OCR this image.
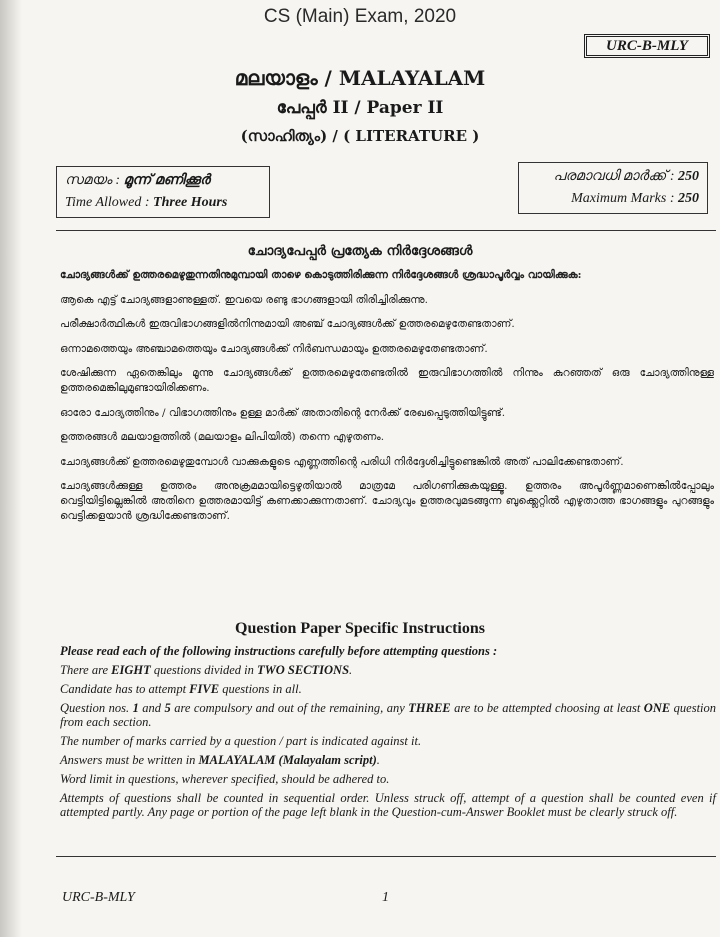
CS (Main) Exam, 2020
URC-B-MLY
മലയാളം / MALAYALAM
പേപ്പർ II / Paper II
(സാഹിത്യം) / ( LITERATURE )
സമയം : മൂന്ന് മണിക്കൂർ
Time Allowed : Three Hours
പരമാവധി മാർക്ക് : 250
Maximum Marks : 250
ചോദ്യപേപ്പർ പ്രത്യേക നിർദ്ദേശങ്ങൾ

ചോദ്യങ്ങൾക്ക് ഉത്തരമെഴുതുന്നതിനുമുമ്പായി താഴെ കൊടുത്തിരിക്കുന്ന നിർദ്ദേശങ്ങൾ ശ്രദ്ധാപൂർവ്വം വായിക്കുക:

ആകെ എട്ട് ചോദ്യങ്ങളാണുള്ളത്. ഇവയെ രണ്ടു ഭാഗങ്ങളായി തിരിച്ചിരിക്കുന്നു.

പരീക്ഷാർത്ഥികൾ ഇരുവിഭാഗങ്ങളിൽനിന്നുമായി അഞ്ച് ചോദ്യങ്ങൾക്ക് ഉത്തരമെഴുതേണ്ടതാണ്.

ഒന്നാമത്തെയും അഞ്ചാമത്തെയും ചോദ്യങ്ങൾക്ക് നിർബന്ധമായും ഉത്തരമെഴുതേണ്ടതാണ്.

ശേഷിക്കുന്ന ഏതെങ്കിലും മൂന്നു ചോദ്യങ്ങൾക്ക് ഉത്തരമെഴുതേണ്ടതിൽ ഇരുവിഭാഗത്തിൽ നിന്നും കുറഞ്ഞത് ഒരു ചോദ്യത്തിനുള്ള ഉത്തരമെങ്കിലുമുണ്ടായിരിക്കണം.

ഓരോ ചോദ്യത്തിനും / വിഭാഗത്തിനും ഉള്ള മാർക്ക് അതാതിന്റെ നേർക്ക് രേഖപ്പെടുത്തിയിട്ടുണ്ട്.

ഉത്തരങ്ങൾ മലയാളത്തിൽ (മലയാളം ലിപിയിൽ) തന്നെ എഴുതണം.

ചോദ്യങ്ങൾക്ക് ഉത്തരമെഴുതുമ്പോൾ വാക്കുകളുടെ എണ്ണത്തിന്റെ പരിധി നിർദ്ദേശിച്ചിട്ടുണ്ടെങ്കിൽ അത് പാലിക്കേണ്ടതാണ്.

ചോദ്യങ്ങൾക്കുള്ള ഉത്തരം അനുക്രമമായിട്ടെഴുതിയാൽ മാത്രമേ പരിഗണിക്കുകയുള്ളൂ. ഉത്തരം അപൂർണ്ണമാണെങ്കിൽപ്പോലും വെട്ടിയിട്ടില്ലെങ്കിൽ അതിനെ ഉത്തരമായിട്ട് കണക്കാക്കുന്നതാണ്. ചോദ്യവും ഉത്തരവുമടങ്ങുന്ന ബുക്ക്ലെറ്റിൽ എഴുതാത്ത ഭാഗങ്ങളും പുറങ്ങളും വെട്ടിക്കളയാൻ ശ്രദ്ധിക്കേണ്ടതാണ്.

Question Paper Specific Instructions

Please read each of the following instructions carefully before attempting questions :

There are EIGHT questions divided in TWO SECTIONS.

Candidate has to attempt FIVE questions in all.

Question nos. 1 and 5 are compulsory and out of the remaining, any THREE are to be attempted choosing at least ONE question from each section.

The number of marks carried by a question / part is indicated against it.

Answers must be written in MALAYALAM (Malayalam script).

Word limit in questions, wherever specified, should be adhered to.

Attempts of questions shall be counted in sequential order. Unless struck off, attempt of a question shall be counted even if attempted partly. Any page or portion of the page left blank in the Question-cum-Answer Booklet must be clearly struck off.

URC-B-MLY	1
